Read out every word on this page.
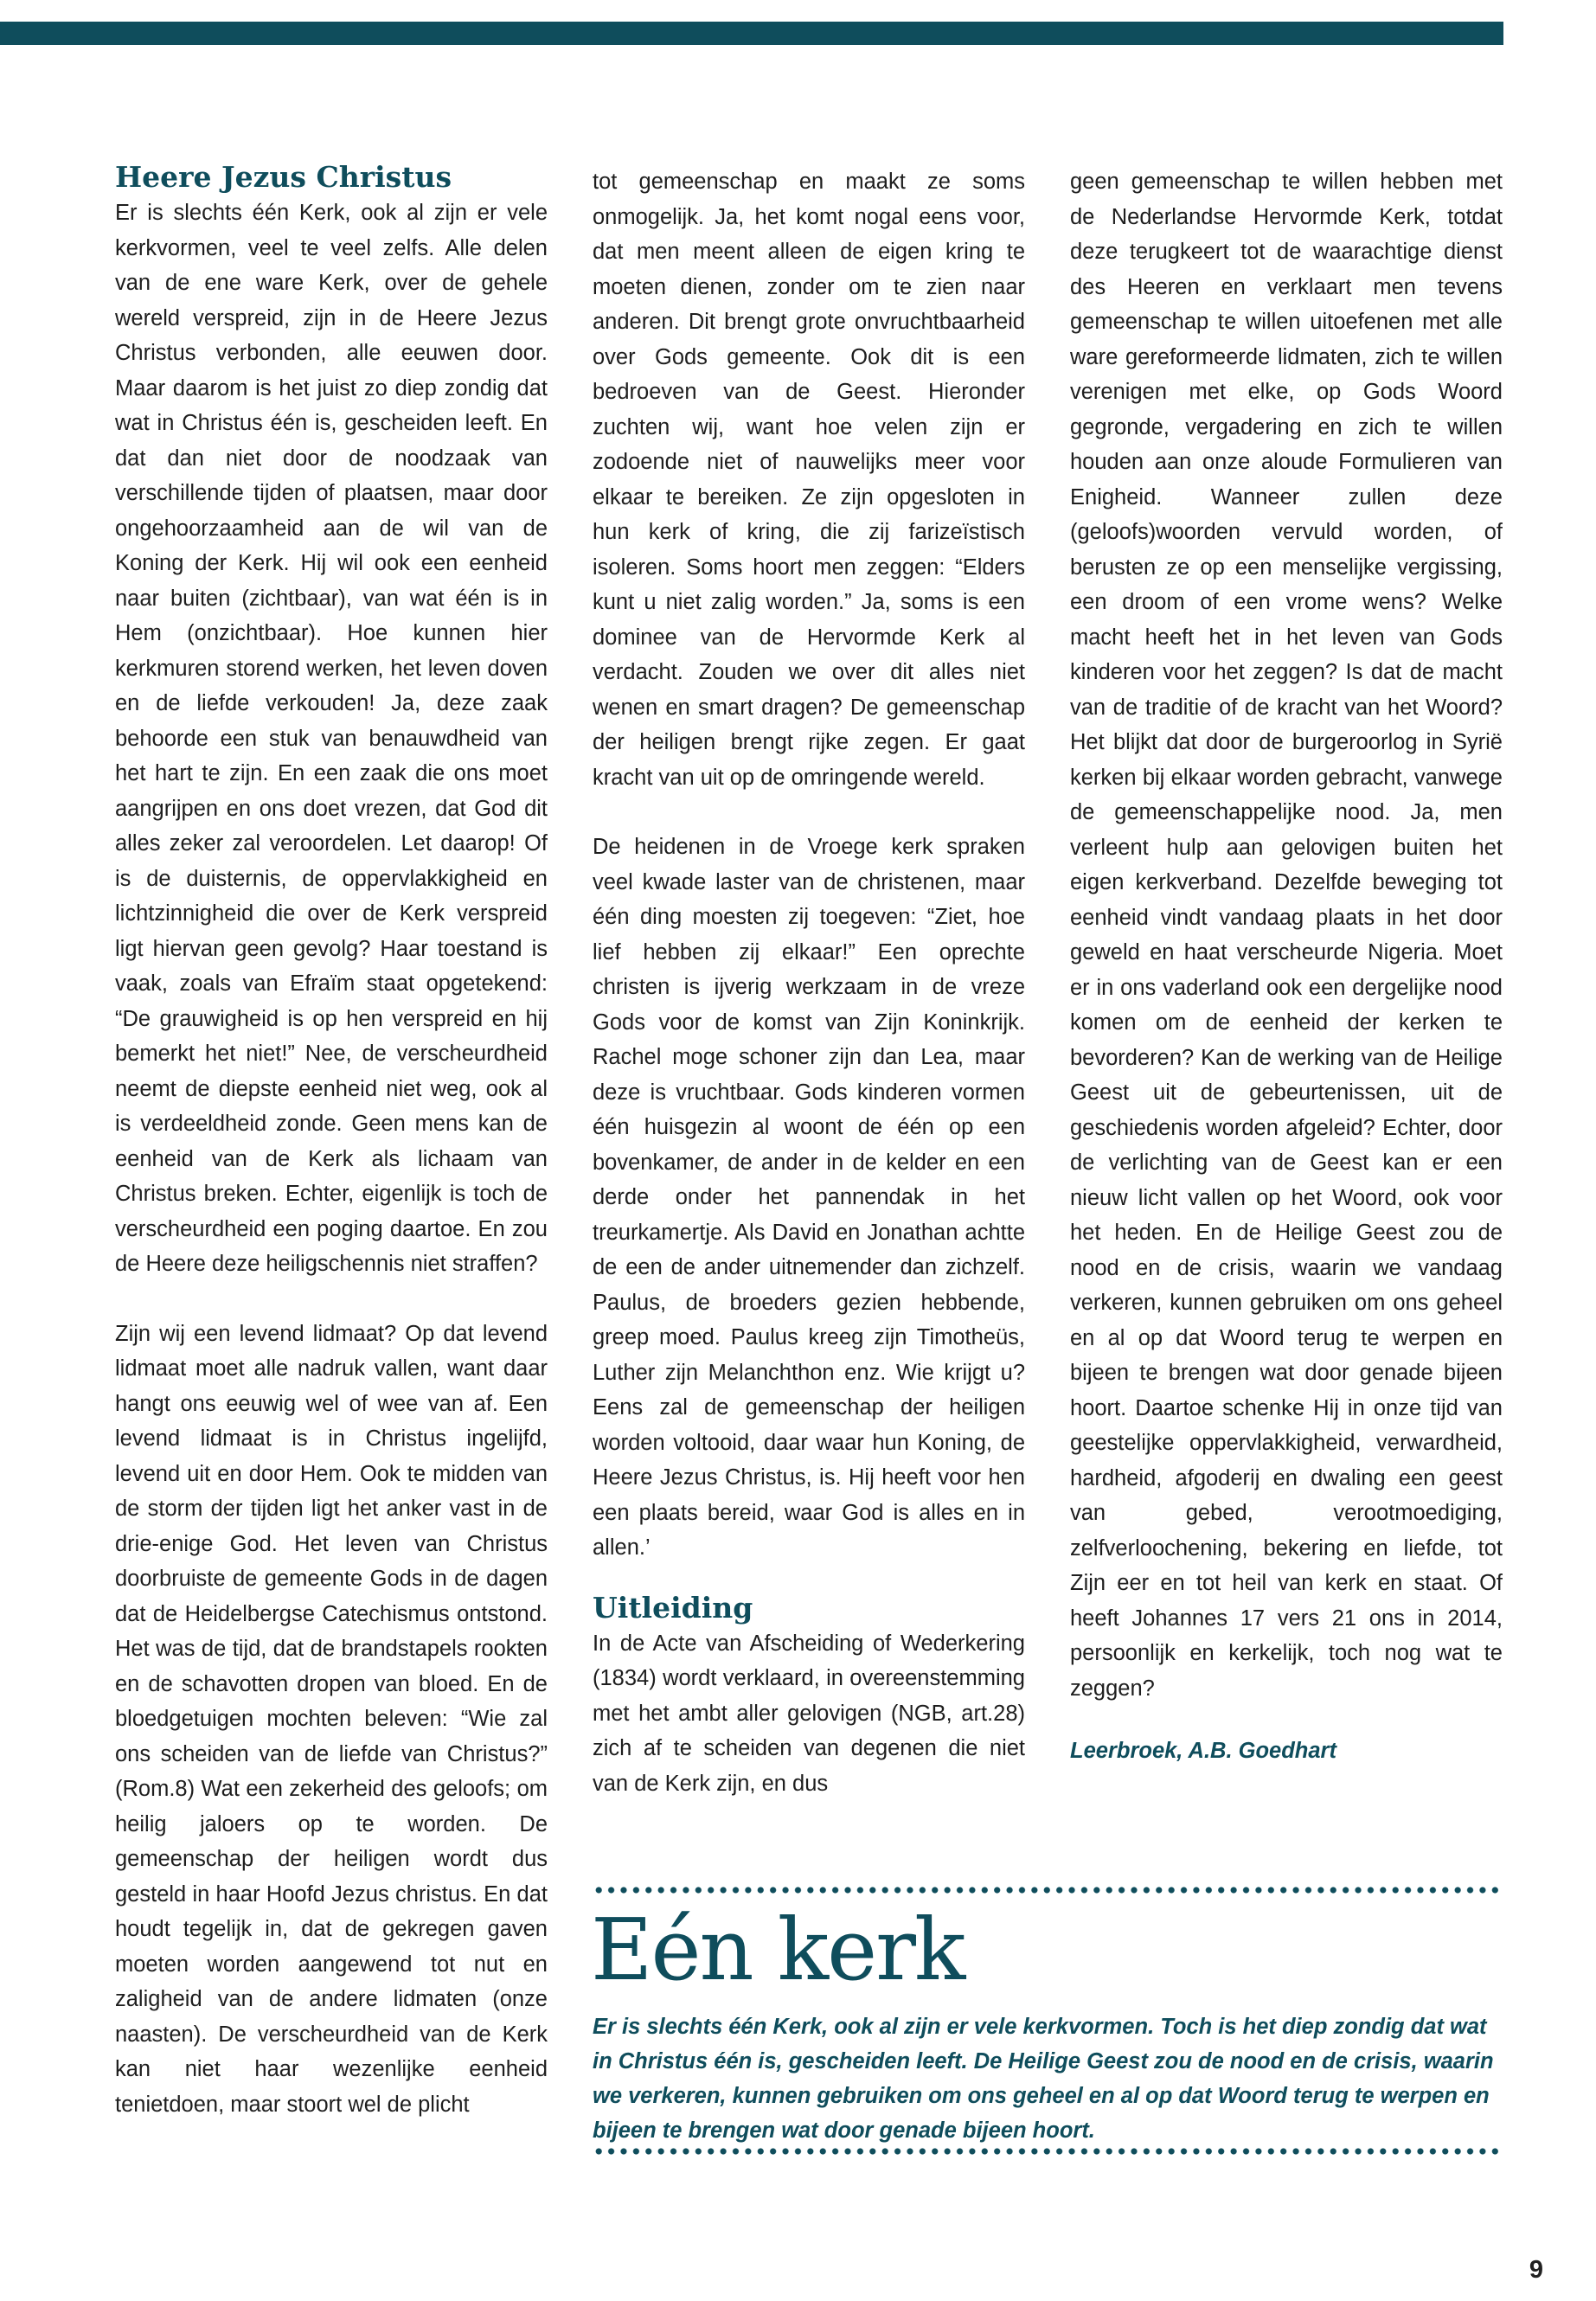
Heere Jezus Christus

Er is slechts één Kerk, ook al zijn er vele kerkvormen, veel te veel zelfs. Alle delen van de ene ware Kerk, over de gehele wereld verspreid, zijn in de Heere Jezus Christus verbonden, alle eeuwen door. Maar daarom is het juist zo diep zondig dat wat in Christus één is, gescheiden leeft. En dat dan niet door de noodzaak van verschillende tijden of plaatsen, maar door ongehoorzaamheid aan de wil van de Koning der Kerk. Hij wil ook een eenheid naar buiten (zichtbaar), van wat één is in Hem (onzichtbaar). Hoe kunnen hier kerkmuren storend werken, het leven doven en de liefde verkouden! Ja, deze zaak behoorde een stuk van benauwdheid van het hart te zijn. En een zaak die ons moet aangrijpen en ons doet vrezen, dat God dit alles zeker zal veroordelen. Let daarop! Of is de duisternis, de oppervlakkigheid en lichtzinnigheid die over de Kerk verspreid ligt hiervan geen gevolg? Haar toestand is vaak, zoals van Efraïm staat opgetekend: “De grauwigheid is op hen verspreid en hij bemerkt het niet!” Nee, de verscheurdheid neemt de diepste eenheid niet weg, ook al is verdeeldheid zonde. Geen mens kan de eenheid van de Kerk als lichaam van Christus breken. Echter, eigenlijk is toch de verscheurdheid een poging daartoe. En zou de Heere deze heiligschennis niet straffen?

Zijn wij een levend lidmaat? Op dat levend lidmaat moet alle nadruk vallen, want daar hangt ons eeuwig wel of wee van af. Een levend lidmaat is in Christus ingelijfd, levend uit en door Hem. Ook te midden van de storm der tijden ligt het anker vast in de drie-enige God. Het leven van Christus doorbruiste de gemeente Gods in de dagen dat de Heidelbergse Catechismus ontstond. Het was de tijd, dat de brandstapels rookten en de schavotten dropen van bloed. En de bloedgetuigen mochten beleven: “Wie zal ons scheiden van de liefde van Christus?” (Rom.8) Wat een zekerheid des geloofs; om heilig jaloers op te worden. De gemeenschap der heiligen wordt dus gesteld in haar Hoofd Jezus christus. En dat houdt tegelijk in, dat de gekregen gaven moeten worden aangewend tot nut en zaligheid van de andere lidmaten (onze naasten). De verscheurdheid van de Kerk kan niet haar wezenlijke eenheid tenietdoen, maar stoort wel de plicht

tot gemeenschap en maakt ze soms onmogelijk. Ja, het komt nogal eens voor, dat men meent alleen de eigen kring te moeten dienen, zonder om te zien naar anderen. Dit brengt grote onvruchtbaarheid over Gods gemeente. Ook dit is een bedroeven van de Geest. Hieronder zuchten wij, want hoe velen zijn er zodoende niet of nauwelijks meer voor elkaar te bereiken. Ze zijn opgesloten in hun kerk of kring, die zij farizeïstisch isoleren. Soms hoort men zeggen: “Elders kunt u niet zalig worden.” Ja, soms is een dominee van de Hervormde Kerk al verdacht. Zouden we over dit alles niet wenen en smart dragen? De gemeenschap der heiligen brengt rijke zegen. Er gaat kracht van uit op de omringende wereld.

De heidenen in de Vroege kerk spraken veel kwade laster van de christenen, maar één ding moesten zij toegeven: “Ziet, hoe lief hebben zij elkaar!” Een oprechte christen is ijverig werkzaam in de vreze Gods voor de komst van Zijn Koninkrijk. Rachel moge schoner zijn dan Lea, maar deze is vruchtbaar. Gods kinderen vormen één huisgezin al woont de één op een bovenkamer, de ander in de kelder en een derde onder het pannendak in het treurkamertje. Als David en Jonathan achtte de een de ander uitnemender dan zichzelf. Paulus, de broeders gezien hebbende, greep moed. Paulus kreeg zijn Timotheüs, Luther zijn Melanchthon enz. Wie krijgt u? Eens zal de gemeenschap der heiligen worden voltooid, daar waar hun Koning, de Heere Jezus Christus, is. Hij heeft voor hen een plaats bereid, waar God is alles en in allen.’

Uitleiding

In de Acte van Afscheiding of Wederkering (1834) wordt verklaard, in overeenstemming met het ambt aller gelovigen (NGB, art.28) zich af te scheiden van degenen die niet van de Kerk zijn, en dus

geen gemeenschap te willen hebben met de Nederlandse Hervormde Kerk, totdat deze terugkeert tot de waarachtige dienst des Heeren en verklaart men tevens gemeenschap te willen uitoefenen met alle ware gereformeerde lidmaten, zich te willen verenigen met elke, op Gods Woord gegronde, vergadering en zich te willen houden aan onze aloude Formulieren van Enigheid. Wanneer zullen deze (geloofs)woorden vervuld worden, of berusten ze op een menselijke vergissing, een droom of een vrome wens? Welke macht heeft het in het leven van Gods kinderen voor het zeggen? Is dat de macht van de traditie of de kracht van het Woord? Het blijkt dat door de burgeroorlog in Syrië kerken bij elkaar worden gebracht, vanwege de gemeenschappelijke nood. Ja, men verleent hulp aan gelovigen buiten het eigen kerkverband. Dezelfde beweging tot eenheid vindt vandaag plaats in het door geweld en haat verscheurde Nigeria. Moet er in ons vaderland ook een dergelijke nood komen om de eenheid der kerken te bevorderen? Kan de werking van de Heilige Geest uit de gebeurtenissen, uit de geschiedenis worden afgeleid? Echter, door de verlichting van de Geest kan er een nieuw licht vallen op het Woord, ook voor het heden. En de Heilige Geest zou de nood en de crisis, waarin we vandaag verkeren, kunnen gebruiken om ons geheel en al op dat Woord terug te werpen en bijeen te brengen wat door genade bijeen hoort. Daartoe schenke Hij in onze tijd van geestelijke oppervlakkigheid, verwardheid, hardheid, afgoderij en dwaling een geest van gebed, verootmoediging, zelfverloochening, bekering en liefde, tot Zijn eer en tot heil van kerk en staat. Of heeft Johannes 17 vers 21 ons in 2014, persoonlijk en kerkelijk, toch nog wat te zeggen?

Leerbroek, A.B. Goedhart

Eén kerk

Er is slechts één Kerk, ook al zijn er vele kerkvormen. Toch is het diep zondig dat wat in Christus één is, gescheiden leeft. De Heilige Geest zou de nood en de crisis, waarin we verkeren, kunnen gebruiken om ons geheel en al op dat Woord terug te werpen en bijeen te brengen wat door genade bijeen hoort.

9
